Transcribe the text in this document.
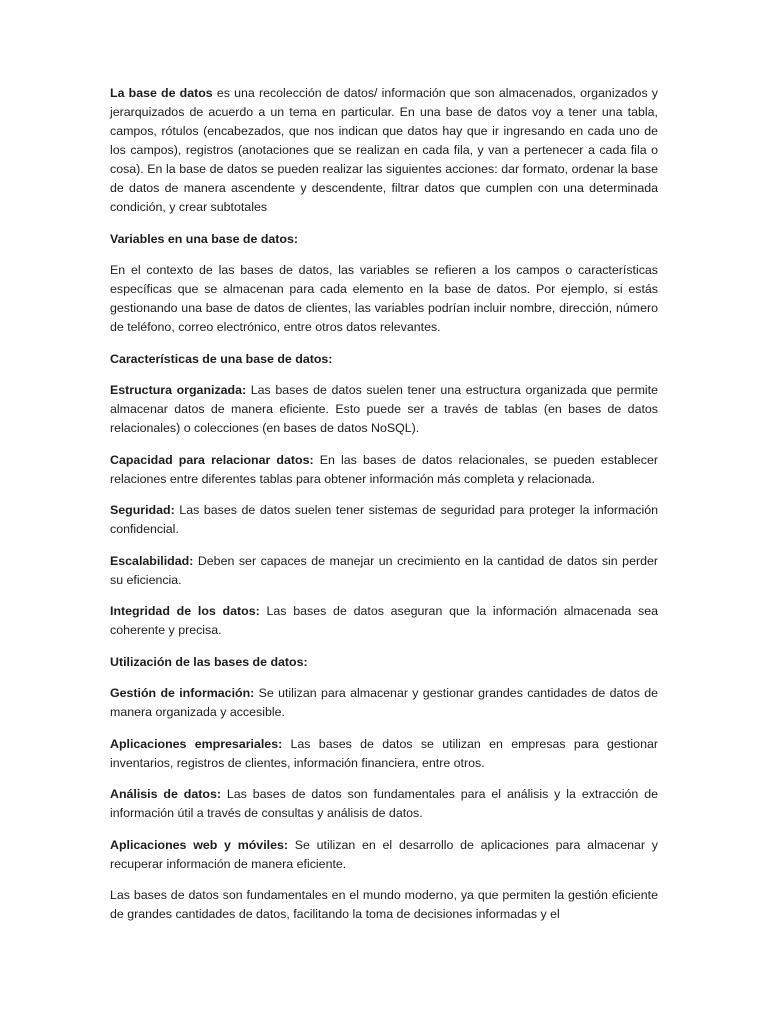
La base de datos es una recolección de datos/ información que son almacenados, organizados y jerarquizados de acuerdo a un tema en particular. En una base de datos voy a tener una tabla, campos, rótulos (encabezados, que nos indican que datos hay que ir ingresando en cada uno de los campos), registros (anotaciones que se realizan en cada fila, y van a pertenecer a cada fila o cosa). En la base de datos se pueden realizar las siguientes acciones: dar formato, ordenar la base de datos de manera ascendente y descendente, filtrar datos que cumplen con una determinada condición, y crear subtotales

Variables en una base de datos:

En el contexto de las bases de datos, las variables se refieren a los campos o características específicas que se almacenan para cada elemento en la base de datos. Por ejemplo, si estás gestionando una base de datos de clientes, las variables podrían incluir nombre, dirección, número de teléfono, correo electrónico, entre otros datos relevantes.

Características de una base de datos:

Estructura organizada: Las bases de datos suelen tener una estructura organizada que permite almacenar datos de manera eficiente. Esto puede ser a través de tablas (en bases de datos relacionales) o colecciones (en bases de datos NoSQL).

Capacidad para relacionar datos: En las bases de datos relacionales, se pueden establecer relaciones entre diferentes tablas para obtener información más completa y relacionada.

Seguridad: Las bases de datos suelen tener sistemas de seguridad para proteger la información confidencial.

Escalabilidad: Deben ser capaces de manejar un crecimiento en la cantidad de datos sin perder su eficiencia.

Integridad de los datos: Las bases de datos aseguran que la información almacenada sea coherente y precisa.

Utilización de las bases de datos:

Gestión de información: Se utilizan para almacenar y gestionar grandes cantidades de datos de manera organizada y accesible.

Aplicaciones empresariales: Las bases de datos se utilizan en empresas para gestionar inventarios, registros de clientes, información financiera, entre otros.

Análisis de datos: Las bases de datos son fundamentales para el análisis y la extracción de información útil a través de consultas y análisis de datos.

Aplicaciones web y móviles: Se utilizan en el desarrollo de aplicaciones para almacenar y recuperar información de manera eficiente.

Las bases de datos son fundamentales en el mundo moderno, ya que permiten la gestión eficiente de grandes cantidades de datos, facilitando la toma de decisiones informadas y el
